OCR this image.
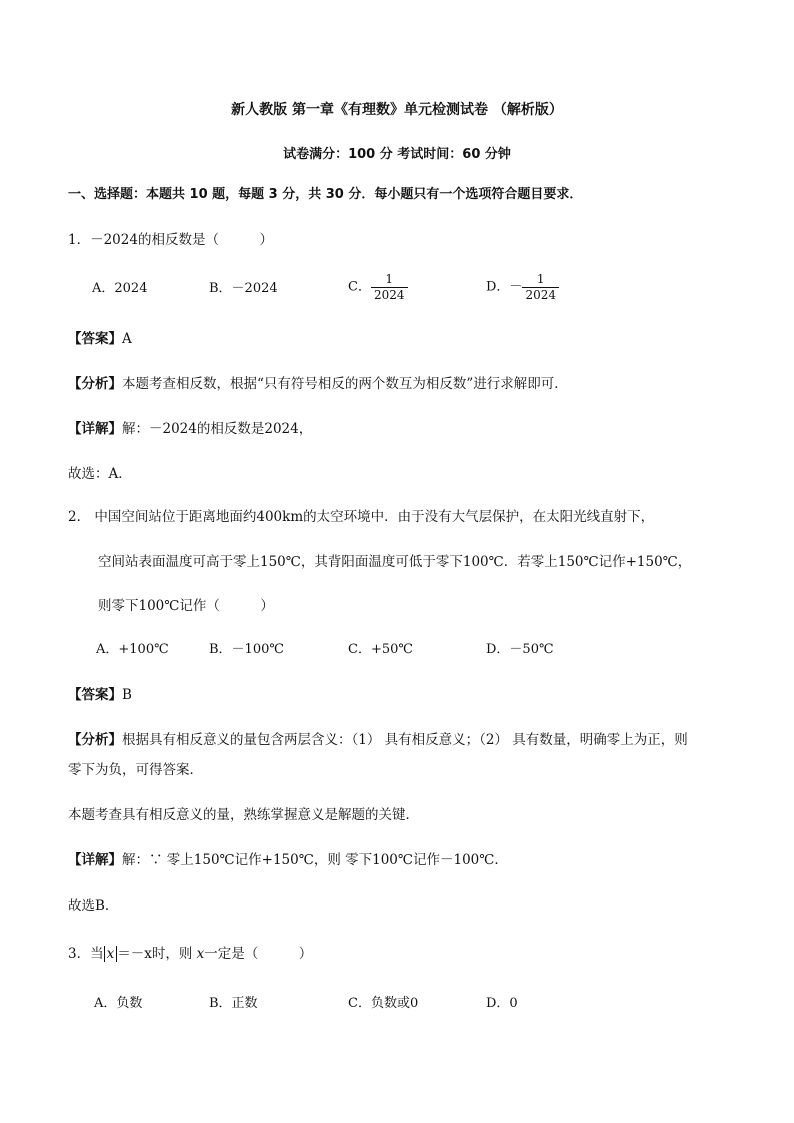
新人教版 第一章《有理数》单元检测试卷 （解析版）
试卷满分：100 分 考试时间：60 分钟
一、选择题：本题共 10 题，每题 3 分，共 30 分．每小题只有一个选项符合题目要求．
1．－2024的相反数是（　　　）
A．2024	B．－2024	C． $\frac{1}{2024}$	D．－ $\frac{1}{2024}$
【答案】A
【分析】本题考查相反数，根据“只有符号相反的两个数互为相反数”进行求解即可．
【详解】解：－2024的相反数是2024，
故选：A．
2． 中国空间站位于距离地面约400km的太空环境中．由于没有大气层保护，在太阳光线直射下，
空间站表面温度可高于零上150℃，其背阳面温度可低于零下100℃．若零上150℃记作+150℃，
则零下100℃记作（　　　）
A．+100℃	B．－100℃	C．+50℃	D．－50℃
【答案】B
【分析】根据具有相反意义的量包含两层含义：（1） 具有相反意义；（2） 具有数量，明确零上为正，则
零下为负，可得答案．
本题考查具有相反意义的量，熟练掌握意义是解题的关键．
【详解】解：∵ 零上150℃记作+150℃，则 零下100℃记作－100℃．
故选B．
3．当 x ＝－x时，则 x一定是（　　　）
A．负数	B．正数	C．负数或0	D．0
